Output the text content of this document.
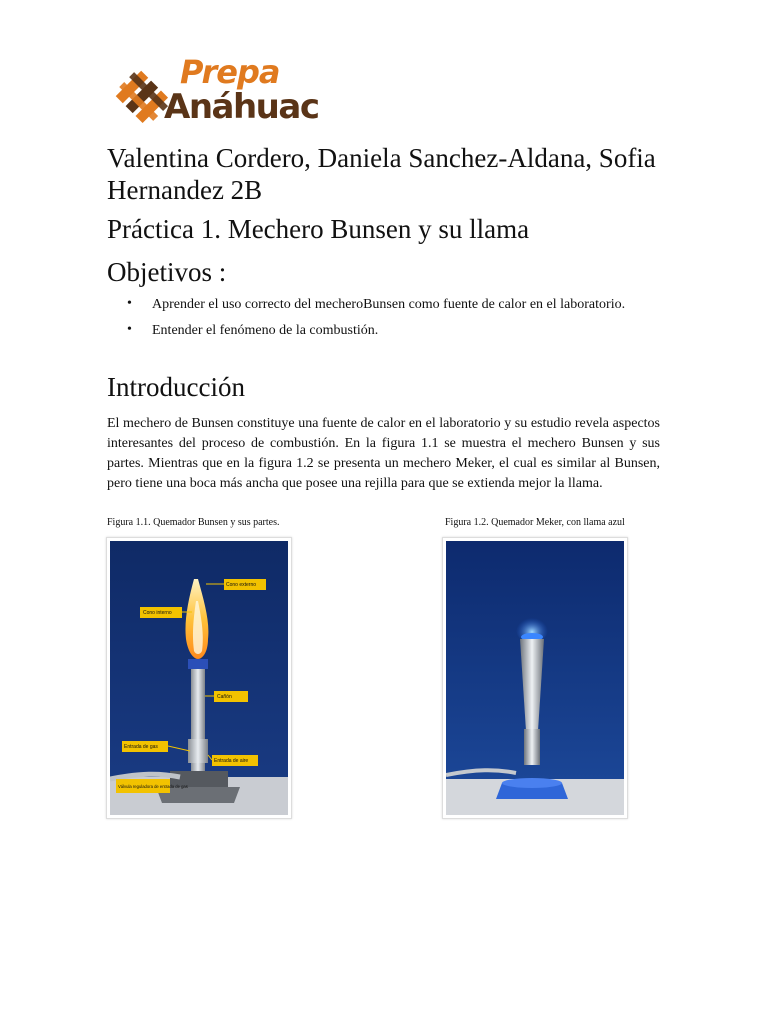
Prepa
Anáhuac
Valentina Cordero, Daniela Sanchez-Aldana, Sofia Hernandez 2B
Práctica 1. Mechero Bunsen y su llama
Objetivos :
• Aprender el uso correcto del mecheroBunsen como fuente de calor en el laboratorio.
• Entender el fenómeno de la combustión.
Introducción
El mechero de Bunsen constituye una fuente de calor en el laboratorio y su estudio revela aspectos interesantes del proceso de combustión. En la figura 1.1 se muestra el mechero Bunsen y sus partes. Mientras que en la figura 1.2 se presenta un mechero Meker, el cual es similar al Bunsen, pero tiene una boca más ancha que posee una rejilla para que se extienda mejor la llama.
Figura 1.1. Quemador Bunsen y sus partes.	Figura 1.2. Quemador Meker, con llama azul
Cono externo
Cono interno
Cañón
Entrada de gas
Entrada de aire
Válvula reguladora de entrada de gas
